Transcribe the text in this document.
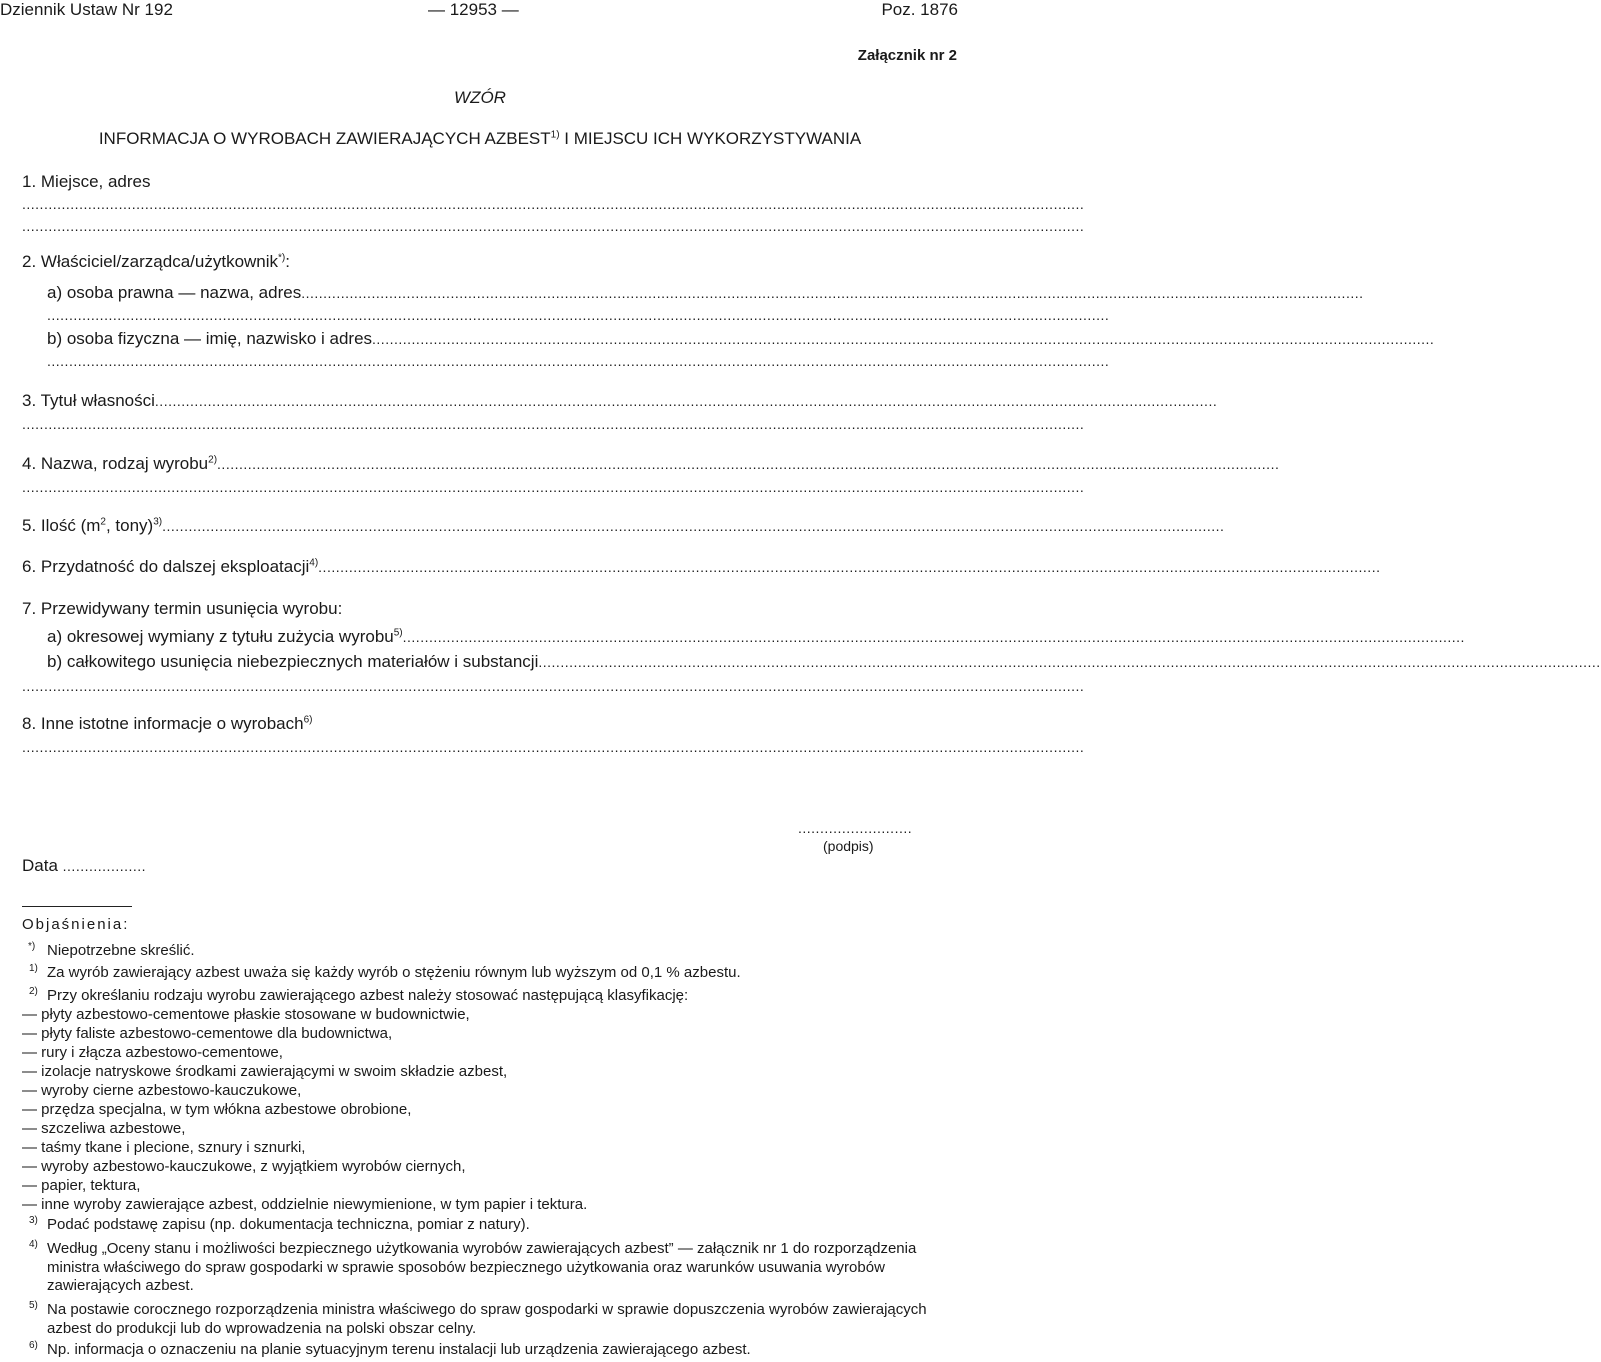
Dziennik Ustaw Nr 192	— 12953 —	Poz. 1876
Załącznik nr 2
WZÓR
INFORMACJA O WYROBACH ZAWIERAJĄCYCH AZBEST$^{1)}$ I MIEJSCU ICH WYKORZYSTYWANIA
1. Miejsce, adres
..................................................................................................................................................................................................................................................
..................................................................................................................................................................................................................................................
2. Właściciel/zarządca/użytkownik*):
a) osoba prawna — nazwa, adres ..................................................................................................................................................................................................................................................
..................................................................................................................................................................................................................................................
b) osoba fizyczna — imię, nazwisko i adres ..................................................................................................................................................................................................................................................
..................................................................................................................................................................................................................................................
3. Tytuł własności ..................................................................................................................................................................................................................................................
..................................................................................................................................................................................................................................................
4. Nazwa, rodzaj wyrobu$^{2)}$ ..................................................................................................................................................................................................................................................
..................................................................................................................................................................................................................................................
5. Ilość ($m^2$, tony)$^{3)}$ ..................................................................................................................................................................................................................................................
6. Przydatność do dalszej eksploatacji$^{4)}$ ..................................................................................................................................................................................................................................................
7. Przewidywany termin usunięcia wyrobu:
a) okresowej wymiany z tytułu zużycia wyrobu$^{5)}$ ..................................................................................................................................................................................................................................................
b) całkowitego usunięcia niebezpiecznych materiałów i substancji ..................................................................................................................................................................................................................................................
..................................................................................................................................................................................................................................................
8. Inne istotne informacje o wyrobach$^{6)}$
..................................................................................................................................................................................................................................................
..........................
(podpis)
Data ...................
Objaśnienia:
*) Niepotrzebne skreślić.
1) Za wyrób zawierający azbest uważa się każdy wyrób o stężeniu równym lub wyższym od 0,1 % azbestu.
2) Przy określaniu rodzaju wyrobu zawierającego azbest należy stosować następującą klasyfikację:
— płyty azbestowo-cementowe płaskie stosowane w budownictwie,
— płyty faliste azbestowo-cementowe dla budownictwa,
— rury i złącza azbestowo-cementowe,
— izolacje natryskowe środkami zawierającymi w swoim składzie azbest,
— wyroby cierne azbestowo-kauczukowe,
— przędza specjalna, w tym włókna azbestowe obrobione,
— szczeliwa azbestowe,
— taśmy tkane i plecione, sznury i sznurki,
— wyroby azbestowo-kauczukowe, z wyjątkiem wyrobów ciernych,
— papier, tektura,
— inne wyroby zawierające azbest, oddzielnie niewymienione, w tym papier i tektura.
3) Podać podstawę zapisu (np. dokumentacja techniczna, pomiar z natury).
4) Według „Oceny stanu i możliwości bezpiecznego użytkowania wyrobów zawierających azbest” — załącznik nr 1 do rozporządzenia ministra właściwego do spraw gospodarki w sprawie sposobów bezpiecznego użytkowania oraz warunków usuwania wyrobów zawierających azbest.
5) Na postawie corocznego rozporządzenia ministra właściwego do spraw gospodarki w sprawie dopuszczenia wyrobów zawierających azbest do produkcji lub do wprowadzenia na polski obszar celny.
6) Np. informacja o oznaczeniu na planie sytuacyjnym terenu instalacji lub urządzenia zawierającego azbest.
